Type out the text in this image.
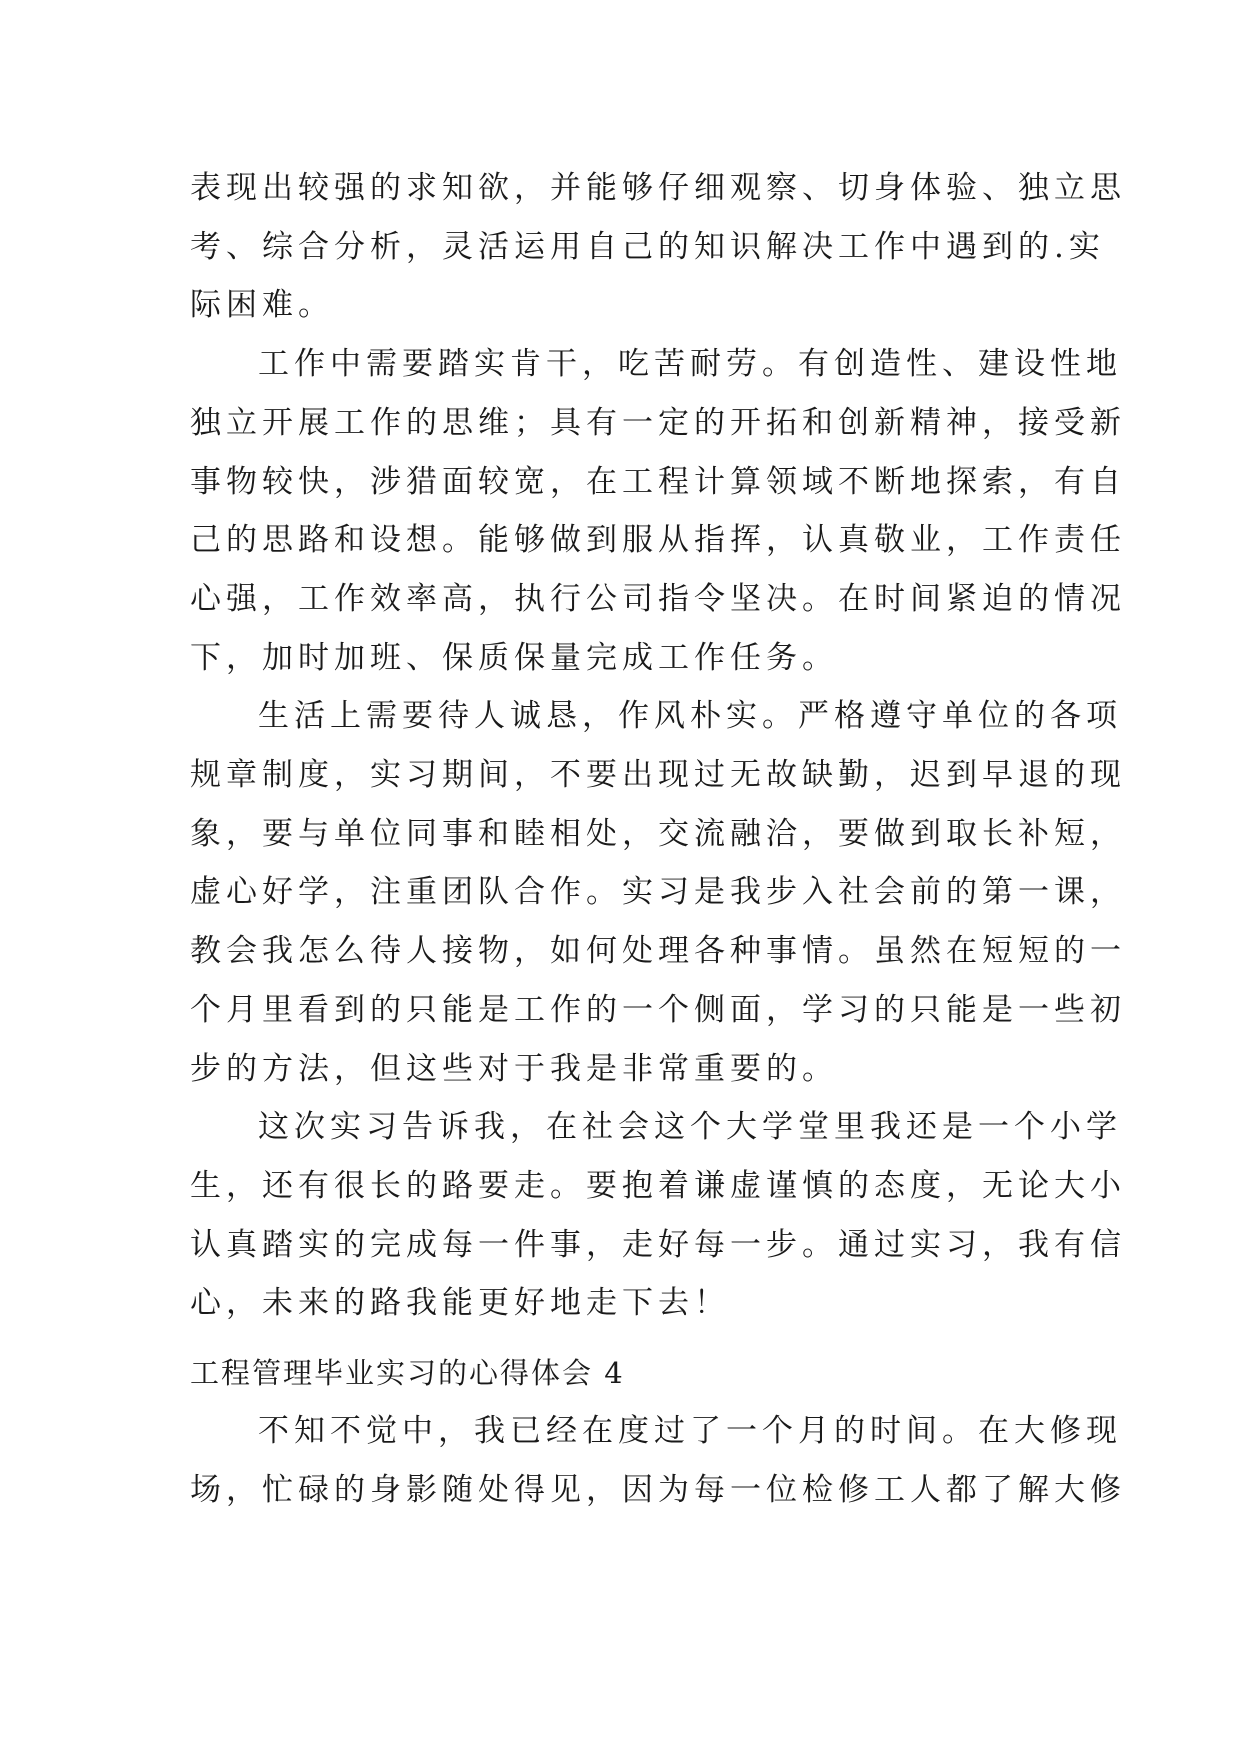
表现出较强的求知欲，并能够仔细观察、切身体验、独立思
考、综合分析，灵活运用自己的知识解决工作中遇到的.实
际困难。

工作中需要踏实肯干，吃苦耐劳。有创造性、建设性地
独立开展工作的思维；具有一定的开拓和创新精神，接受新
事物较快，涉猎面较宽，在工程计算领域不断地探索，有自
己的思路和设想。能够做到服从指挥，认真敬业，工作责任
心强，工作效率高，执行公司指令坚决。在时间紧迫的情况
下，加时加班、保质保量完成工作任务。

生活上需要待人诚恳，作风朴实。严格遵守单位的各项
规章制度，实习期间，不要出现过无故缺勤，迟到早退的现
象，要与单位同事和睦相处，交流融洽，要做到取长补短，
虚心好学，注重团队合作。实习是我步入社会前的第一课，
教会我怎么待人接物，如何处理各种事情。虽然在短短的一
个月里看到的只能是工作的一个侧面，学习的只能是一些初
步的方法，但这些对于我是非常重要的。

这次实习告诉我，在社会这个大学堂里我还是一个小学
生，还有很长的路要走。要抱着谦虚谨慎的态度，无论大小
认真踏实的完成每一件事，走好每一步。通过实习，我有信
心，未来的路我能更好地走下去！

工程管理毕业实习的心得体会 4

不知不觉中，我已经在度过了一个月的时间。在大修现
场，忙碌的身影随处得见，因为每一位检修工人都了解大修
